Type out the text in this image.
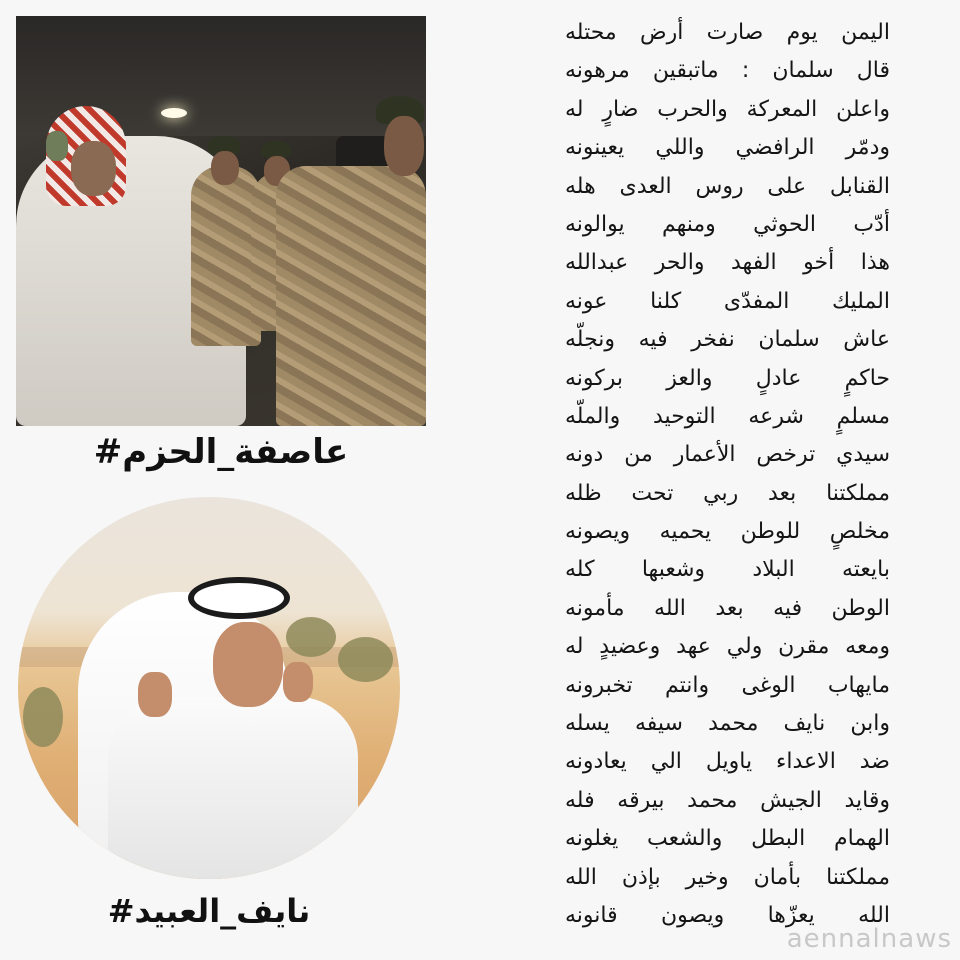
#عاصفة_الحزم
#نايف_العبيد
اليمن يوم صارت أرض محتله
قال سلمان : ماتبقين مرهونه
واعلن المعركة والحرب ضارٍ له
ودمّر الرافضي واللي يعينونه
القنابل على روس العدى هله
أدّب الحوثي ومنهم يوالونه
هذا أخو الفهد والحر عبدالله
المليك المفدّى كلنا عونه
عاش سلمان نفخر فيه ونجلّه
حاكمٍ عادلٍ والعز بركونه
مسلمٍ شرعه التوحيد والملّه
سيدي ترخص الأعمار من دونه
مملكتنا بعد ربي تحت ظله
مخلصٍ للوطن يحميه ويصونه
بايعته البلاد وشعبها كله
الوطن فيه بعد الله مأمونه
ومعه مقرن ولي عهد وعضيدٍ له
مايهاب الوغى وانتم تخبرونه
وابن نايف محمد سيفه يسله
ضد الاعداء ياويل الي يعادونه
وقايد الجيش محمد بيرقه فله
الهمام البطل والشعب يغلونه
مملكتنا بأمان وخير بإذن الله
الله يعزّها ويصون قانونه
aennalnaws
